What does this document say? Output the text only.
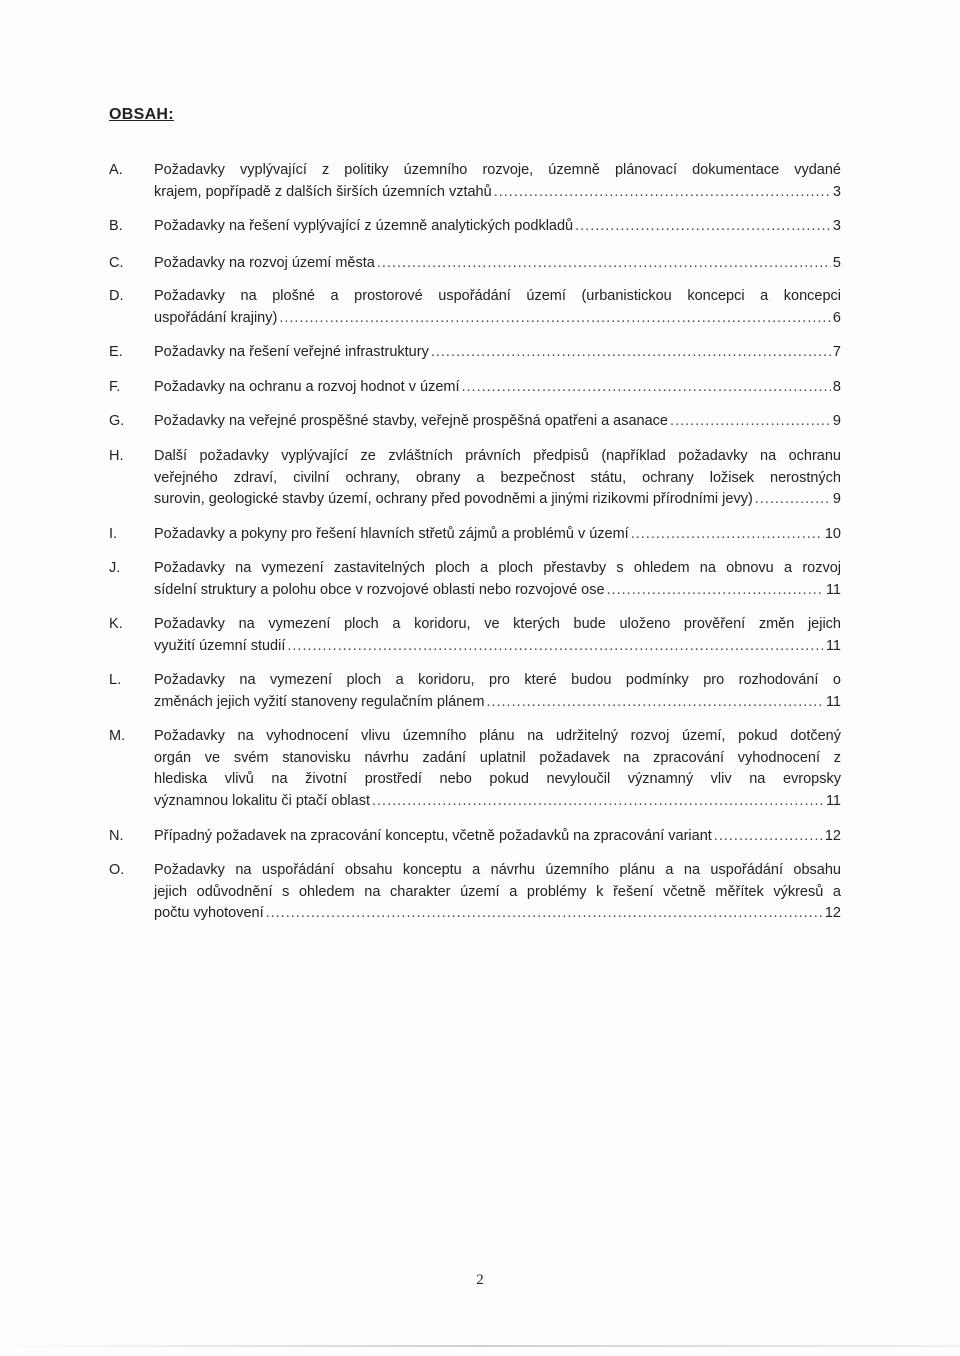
OBSAH:
A.	Požadavky vyplývající z politiky územního rozvoje, územně plánovací dokumentace vydané
krajem, popřípadě z dalších širších územních vztahů .....	3
B.	Požadavky na řešení vyplývající z územně analytických podkladů .....	3
C.	Požadavky na rozvoj území města .....	5
D.	Požadavky na plošné a prostorové uspořádání území (urbanistickou koncepci a koncepci
uspořádání krajiny) .....	6
E.	Požadavky na řešení veřejné infrastruktury .....	7
F.	Požadavky na ochranu a rozvoj hodnot v území .....	8
G.	Požadavky na veřejné prospěšné stavby, veřejně prospěšná opatřeni a asanace .....	9
H.	Další požadavky vyplývající ze zvláštních právních předpisů (například požadavky na ochranu
veřejného zdraví, civilní ochrany, obrany a bezpečnost státu, ochrany ložisek nerostných
surovin, geologické stavby území, ochrany před povodněmi a jinými rizikovmi přírodními jevy) .....	9
I.	Požadavky a pokyny pro řešení hlavních střetů zájmů a problémů v území .....	10
J.	Požadavky na vymezení zastavitelných ploch a ploch přestavby s ohledem na obnovu a rozvoj
sídelní struktury a polohu obce v rozvojové oblasti nebo rozvojové ose .....	11
K.	Požadavky na vymezení ploch a koridoru, ve kterých bude uloženo prověření změn jejich
využití územní studií .....	11
L.	Požadavky na vymezení ploch a koridoru, pro které budou podmínky pro rozhodování o
změnách jejich vyžití stanoveny regulačním plánem .....	11
M.	Požadavky na vyhodnocení vlivu územního plánu na udržitelný rozvoj území, pokud dotčený
orgán ve svém stanovisku návrhu zadání uplatnil požadavek na zpracování vyhodnocení z
hlediska vlivů na životní prostředí nebo pokud nevyloučil významný vliv na evropsky
významnou lokalitu či ptačí oblast .....	11
N.	Případný požadavek na zpracování konceptu, včetně požadavků na zpracování variant .....	12
O.	Požadavky na uspořádání obsahu konceptu a návrhu územního plánu a na uspořádání obsahu
jejich odůvodnění s ohledem na charakter území a problémy k řešení včetně měřítek výkresů a
počtu vyhotovení .....	12
2
